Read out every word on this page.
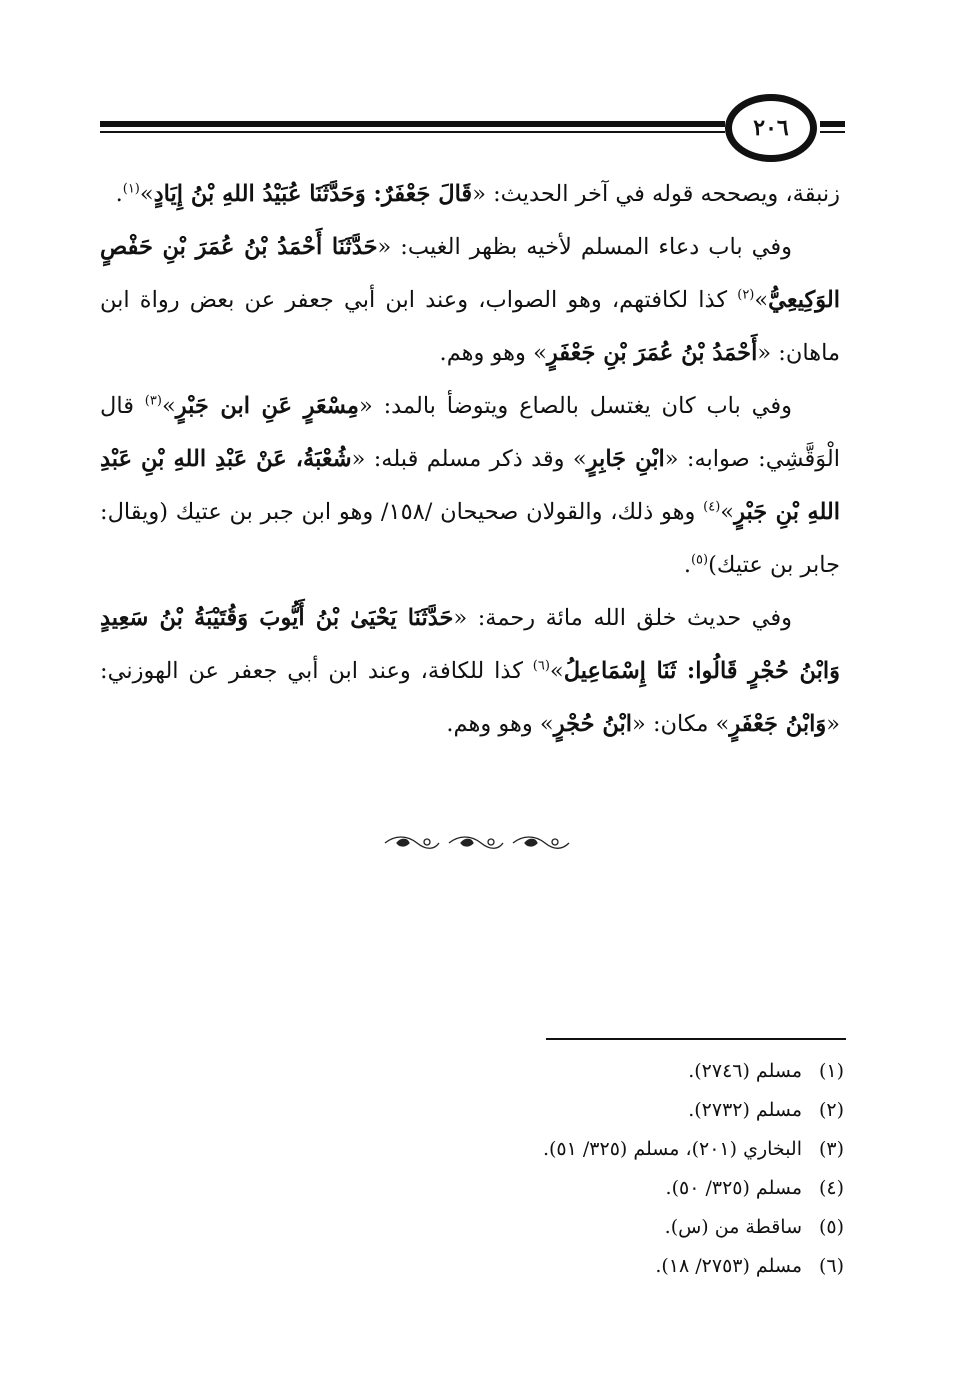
٢٠٦

زنبقة، ويصححه قوله في آخر الحديث: «قَالَ جَعْفَرٌ: وَحَدَّثَنَا عُبَيْدُ اللهِ بْنُ إِيَادٍ»$^{(١)}$.

وفي باب دعاء المسلم لأخيه بظهر الغيب: «حَدَّثَنَا أَحْمَدُ بْنُ عُمَرَ بْنِ حَفْصٍ الوَكِيعِيُّ»$^{(٢)}$ كذا لكافتهم، وهو الصواب، وعند ابن أبي جعفر عن بعض رواة ابن ماهان: «أَحْمَدُ بْنُ عُمَرَ بْنِ جَعْفَرٍ» وهو وهم.

وفي باب كان يغتسل بالصاع ويتوضأ بالمد: «مِسْعَرٍ عَنِ ابن جَبْرٍ»$^{(٣)}$ قال الْوَقَّشِي: صوابه: «ابْنِ جَابِرٍ» وقد ذكر مسلم قبله: «شُعْبَةُ، عَنْ عَبْدِ اللهِ بْنِ عَبْدِ اللهِ بْنِ جَبْرٍ»$^{(٤)}$ وهو ذلك، والقولان صحيحان /١٥٨/ وهو ابن جبر بن عتيك (ويقال: جابر بن عتيك)$^{(٥)}$.

وفي حديث خلق الله مائة رحمة: «حَدَّثَنَا يَحْيَىٰ بْنُ أَيُّوبَ وَقُتَيْبَةُ بْنُ سَعِيدٍ وَابْنُ حُجْرٍ قَالُوا: ثَنَا إِسْمَاعِيلُ»$^{(٦)}$ كذا للكافة، وعند ابن أبي جعفر عن الهوزني: «وَابْنُ جَعْفَرٍ» مكان: «ابْنُ حُجْرٍ» وهو وهم.

(١)
مسلم (٢٧٤٦).
(٢)
مسلم (٢٧٣٢).
(٣)
البخاري (٢٠١)، مسلم (٣٢٥/ ٥١).
(٤)
مسلم (٣٢٥/ ٥٠).
(٥)
ساقطة من (س).
(٦)
مسلم (٢٧٥٣/ ١٨).
